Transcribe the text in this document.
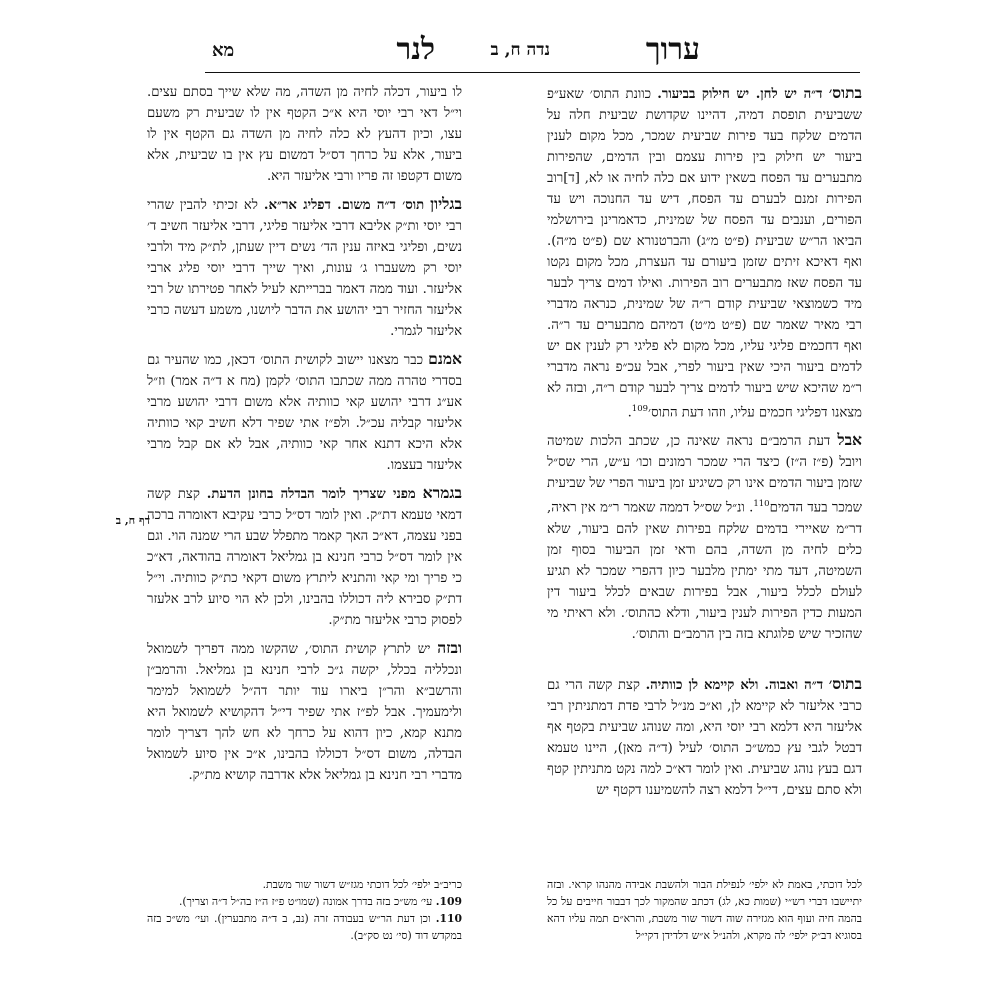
ערוך
נדה ח, ב
לנר
מא

בתוס׳ ד״ה יש לחן. יש חילוק בביעור. כוונת התוס׳ שאע״פ ששביעית תופסת דמיה, דהיינו שקדושת שביעית חלה על הדמים שלקח בעד פירות שביעית שמכר, מכל מקום לענין ביעור יש חילוק בין פירות עצמם ובין הדמים, שהפירות מתבערים עד הפסח בשאין ידוע אם כלה לחיה או לא, [ד]רוב הפירות זמנם לבערם עד הפסח, דיש עד החנוכה ויש עד הפורים, וענבים עד הפסח של שמינית, כדאמרינן בירושלמי הביאו הר״ש שביעית (פ״ט מ״ג) והברטנורא שם (פ״ט מ״ה). ואף דאיכא זיתים שזמן ביעורם עד העצרת, מכל מקום נקטו עד הפסח שאז מתבערים רוב הפירות. ואילו דמים צריך לבער מיד כשמוצאי שביעית קודם ר״ה של שמינית, כנראה מדברי רבי מאיר שאמר שם (פ״ט מ״ט) דמיהם מתבערים עד ר״ה. ואף דחכמים פליגי עליו, מכל מקום לא פליגי רק לענין אם יש לדמים ביעור היכי שאין ביעור לפרי, אבל עכ״פ נראה מדברי ר״מ שהיכא שיש ביעור לדמים צריך לבער קודם ר״ה, ובזה לא מצאנו דפליגי חכמים עליו, וזהו דעת התוס׳$^{109}$.

אבל דעת הרמב״ם נראה שאינה כן, שכתב הלכות שמיטה ויובל (פ״ז ה״ז) כיצד הרי שמכר רמונים וכו׳ ע״ש, הרי שס״ל שזמן ביעור הדמים אינו רק כשיגיע זמן ביעור הפרי של שביעית שמכר בעד הדמים$^{110}$. ונ״ל שס״ל דממה שאמר ר״מ אין ראיה, דר״מ שאיירי בדמים שלקח בפירות שאין להם ביעור, שלא כלים לחיה מן השדה, בהם ודאי זמן הביעור בסוף זמן השמיטה, דעד מתי ימתין מלבער כיון דהפרי שמכר לא תגיע לעולם לכלל ביעור, אבל בפירות שבאים לכלל ביעור דין המעות כדין הפירות לענין ביעור, ודלא כהתוס׳. ולא ראיתי מי שהזכיר שיש פלוגתא בזה בין הרמב״ם והתוס׳.

בתוס׳ ד״ה ואבוה. ולא קיימא לן כוותיה. קצת קשה הרי גם כרבי אליעזר לא קיימא לן, וא״כ מנ״ל לרבי פדת דמתניתין רבי אליעזר היא דלמא רבי יוסי היא, ומה שנוהג שביעית בקטף אף דבטל לגבי עץ כמש״כ התוס׳ לעיל (ד״ה מאן), היינו טעמא דגם בעץ נוהג שביעית. ואין לומר דא״כ למה נקט מתניתין קטף ולא סתם עצים, די״ל דלמא רצה להשמיענו דקטף יש

דף ח, ב

לו ביעור, דכלה לחיה מן השדה, מה שלא שייך בסתם עצים. וי״ל דאי רבי יוסי היא א״כ הקטף אין לו שביעית רק משעם עצו, וכיון דהעץ לא כלה לחיה מן השדה גם הקטף אין לו ביעור, אלא על כרחך דס״ל דמשום עץ אין בו שביעית, אלא משום דקטפו זה פריו ורבי אליעזר היא.

בגליון תוס׳ ד״ה משום. דפליג אר״א. לא זכיתי להבין שהרי רבי יוסי ות״ק אליבא דרבי אליעזר פליגי, דרבי אליעזר חשיב ד׳ נשים, ופליגי באיזה ענין הד׳ נשים דיין שעתן, לת״ק מיד ולרבי יוסי רק משעברו ג׳ עונות, ואיך שייך דרבי יוסי פליג ארבי אליעזר. ועוד ממה דאמר בברייתא לעיל לאחר פטירתו של רבי אליעזר החזיר רבי יהושע את הדבר ליושנו, משמע דעשה כרבי אליעזר לגמרי.

אמנם כבר מצאנו יישוב לקושית התוס׳ דכאן, כמו שהעיר גם בסדרי טהרה ממה שכתבו התוס׳ לקמן (מח א ד״ה אמר) וז״ל אע״ג דרבי יהושע קאי כוותיה אלא משום דרבי יהושע מרבי אליעזר קבליה עכ״ל. ולפ״ז אתי שפיר דלא חשיב קאי כוותיה אלא היכא דתנא אחר קאי כוותיה, אבל לא אם קבל מרבי אליעזר בעצמו.

בגמרא מפני שצריך לומר הבדלה בחונן הדעת. קצת קשה דמאי טעמא דת״ק. ואין לומר דס״ל כרבי עקיבא דאומרה ברכה בפני עצמה, דא״כ האך קאמר מתפלל שבע הרי שמנה הוי. וגם אין לומר דס״ל כרבי חנינא בן גמליאל דאומרה בהודאה, דא״כ כי פריך ומי קאי והתניא ליתרץ משום דקאי כת״ק כוותיה. וי״ל דת״ק סבירא ליה דכוללו בהבינו, ולכן לא הוי סיוע לרב אלעזר לפסוק כרבי אליעזר מת״ק.

ובזה יש לתרץ קושית התוס׳, שהקשו ממה דפריך לשמואל ונכלליה בכלל, יקשה ג״כ לרבי חנינא בן גמליאל. והרמב״ן והרשב״א והר״ן ביארו עוד יותר דה״ל לשמואל למימר ולימעמיך. אבל לפ״ז אתי שפיר די״ל דהקושיא לשמואל היא מתנא קמא, כיון דהוא על כרחך לא חש להך דצריך לומר הבדלה, משום דס״ל דכוללו בהבינו, א״כ אין סיוע לשמואל מדברי רבי חנינא בן גמליאל אלא אדרבה קושיא מת״ק.

כריב״ב ילפי׳ לכל דוכתי מגז״ש דשור שור משבת.

109. עי׳ מש״כ בזה בדרך אמונה (שמו״ט פ״ז ה״ז בה״ל ד״ה וצריך).

110. וכן דעת הר״ש בעבודה זרה (נב, ב ד״ה מתבערין). ועי׳ מש״כ בזה במקדש דוד (סי׳ נט סק״ב).

לכל דוכתי, באמת לא ילפי׳ לנפילת הבור ולהשבת אבידה מהנהו קראי. ובזה יתיישבו דברי רש״י (שמות כא, לג) דכתב שהמקור לכך דבבור חייבים על כל בהמה חיה ועוף הוא מגזירה שוה דשור שור משבת, והרא״ם תמה עליו דהא בסוגיא דב״ק ילפי׳ לה מקרא, ולהנ״ל א״ש דלדידן דקי״ל
